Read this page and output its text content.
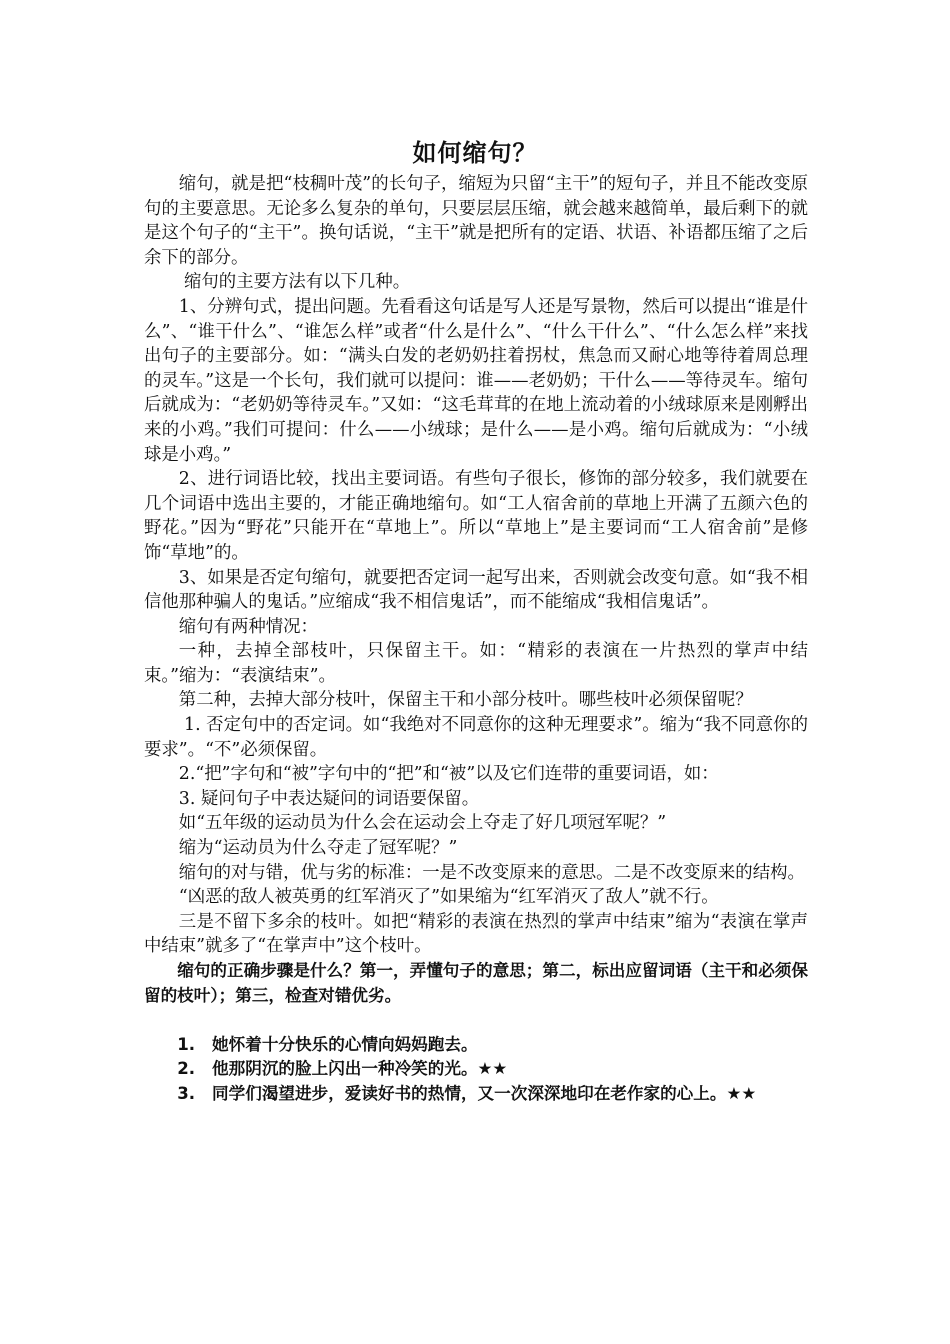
如何缩句？

缩句，就是把“枝稠叶茂”的长句子，缩短为只留“主干”的短句子，并且不能改变原句的主要意思。无论多么复杂的单句，只要层层压缩，就会越来越简单，最后剩下的就是这个句子的“主干”。换句话说，“主干”就是把所有的定语、状语、补语都压缩了之后余下的部分。

缩句的主要方法有以下几种。

1、分辨句式，提出问题。先看看这句话是写人还是写景物，然后可以提出“谁是什么”、“谁干什么”、“谁怎么样”或者“什么是什么”、“什么干什么”、“什么怎么样”来找出句子的主要部分。如：“满头白发的老奶奶拄着拐杖，焦急而又耐心地等待着周总理的灵车。”这是一个长句，我们就可以提问：谁——老奶奶；干什么——等待灵车。缩句后就成为：“老奶奶等待灵车。”又如：“这毛茸茸的在地上流动着的小绒球原来是刚孵出来的小鸡。”我们可提问：什么——小绒球；是什么——是小鸡。缩句后就成为：“小绒球是小鸡。”

2、进行词语比较，找出主要词语。有些句子很长，修饰的部分较多，我们就要在几个词语中选出主要的，才能正确地缩句。如“工人宿舍前的草地上开满了五颜六色的野花。”因为“野花”只能开在“草地上”。所以“草地上”是主要词而“工人宿舍前”是修饰“草地”的。

3、如果是否定句缩句，就要把否定词一起写出来，否则就会改变句意。如“我不相信他那种骗人的鬼话。”应缩成“我不相信鬼话”，而不能缩成“我相信鬼话”。

缩句有两种情况：

一种，去掉全部枝叶，只保留主干。如：“精彩的表演在一片热烈的掌声中结束。”缩为：“表演结束”。

第二种，去掉大部分枝叶，保留主干和小部分枝叶。哪些枝叶必须保留呢？

1. 否定句中的否定词。如“我绝对不同意你的这种无理要求”。缩为“我不同意你的要求”。“不”必须保留。

2.“把”字句和“被”字句中的“把”和“被”以及它们连带的重要词语，如：

3. 疑问句子中表达疑问的词语要保留。

如“五年级的运动员为什么会在运动会上夺走了好几项冠军呢？”

缩为“运动员为什么夺走了冠军呢？”

缩句的对与错，优与劣的标准：一是不改变原来的意思。二是不改变原来的结构。

“凶恶的敌人被英勇的红军消灭了”如果缩为“红军消灭了敌人”就不行。

三是不留下多余的枝叶。如把“精彩的表演在热烈的掌声中结束”缩为“表演在掌声中结束”就多了“在掌声中”这个枝叶。

缩句的正确步骤是什么？第一，弄懂句子的意思；第二，标出应留词语（主干和必须保留的枝叶）；第三，检查对错优劣。

1. 她怀着十分快乐的心情向妈妈跑去。

2. 他那阴沉的脸上闪出一种冷笑的光。★★

3. 同学们渴望进步，爱读好书的热情，又一次深深地印在老作家的心上。★★
